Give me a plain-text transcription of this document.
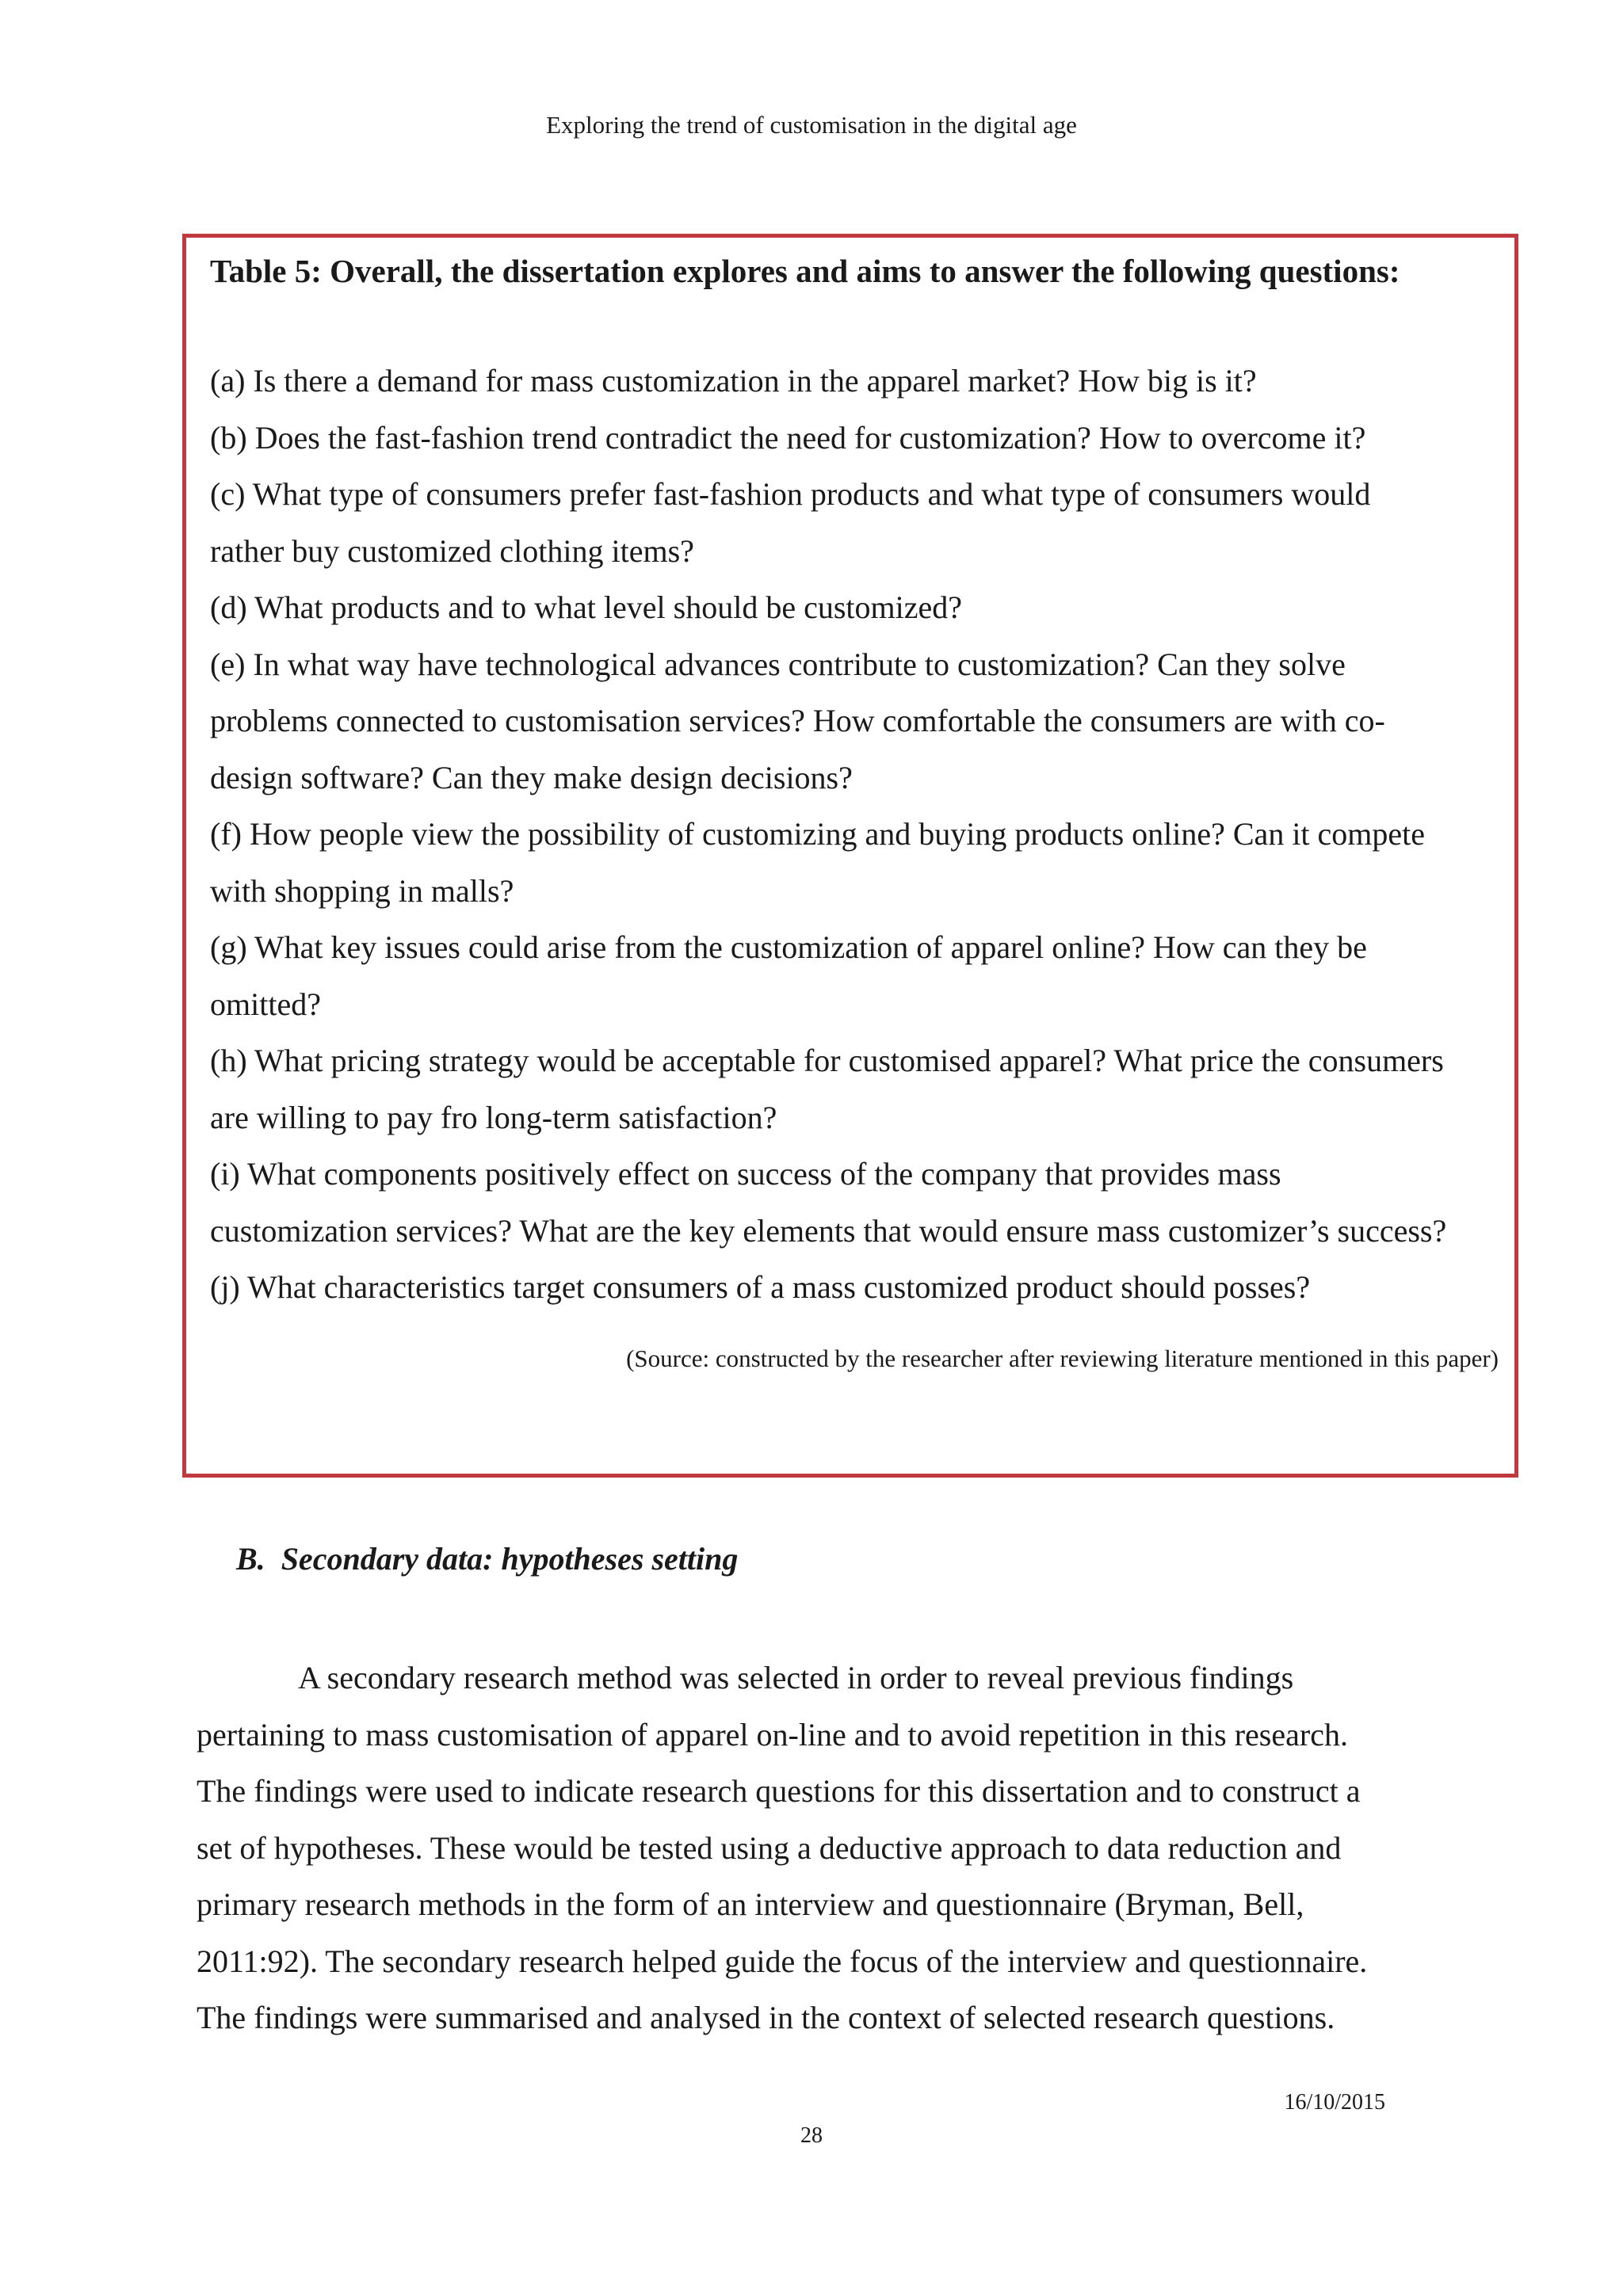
Exploring the trend of customisation in the digital age
Table 5: Overall, the dissertation explores and aims to answer the following questions:
(a) Is there a demand for mass customization in the apparel market? How big is it?
(b) Does the fast-fashion trend contradict the need for customization? How to overcome it?
(c) What type of consumers prefer fast-fashion products and what type of consumers would
rather buy customized clothing items?
(d) What products and to what level should be customized?
(e) In what way have technological advances contribute to customization? Can they solve
problems connected to customisation services? How comfortable the consumers are with co-
design software? Can they make design decisions?
(f) How people view the possibility of customizing and buying products online? Can it compete
with shopping in malls?
(g) What key issues could arise from the customization of apparel online? How can they be
omitted?
(h) What pricing strategy would be acceptable for customised apparel? What price the consumers
are willing to pay fro long-term satisfaction?
(i) What components positively effect on success of the company that provides mass
customization services? What are the key elements that would ensure mass customizer’s success?
(j) What characteristics target consumers of a mass customized product should posses?
(Source: constructed by the researcher after reviewing literature mentioned in this paper)
B. Secondary data: hypotheses setting
A secondary research method was selected in order to reveal previous findings
pertaining to mass customisation of apparel on-line and to avoid repetition in this research.
The findings were used to indicate research questions for this dissertation and to construct a
set of hypotheses. These would be tested using a deductive approach to data reduction and
primary research methods in the form of an interview and questionnaire (Bryman, Bell,
2011:92). The secondary research helped guide the focus of the interview and questionnaire.
The findings were summarised and analysed in the context of selected research questions.
16/10/2015
28
